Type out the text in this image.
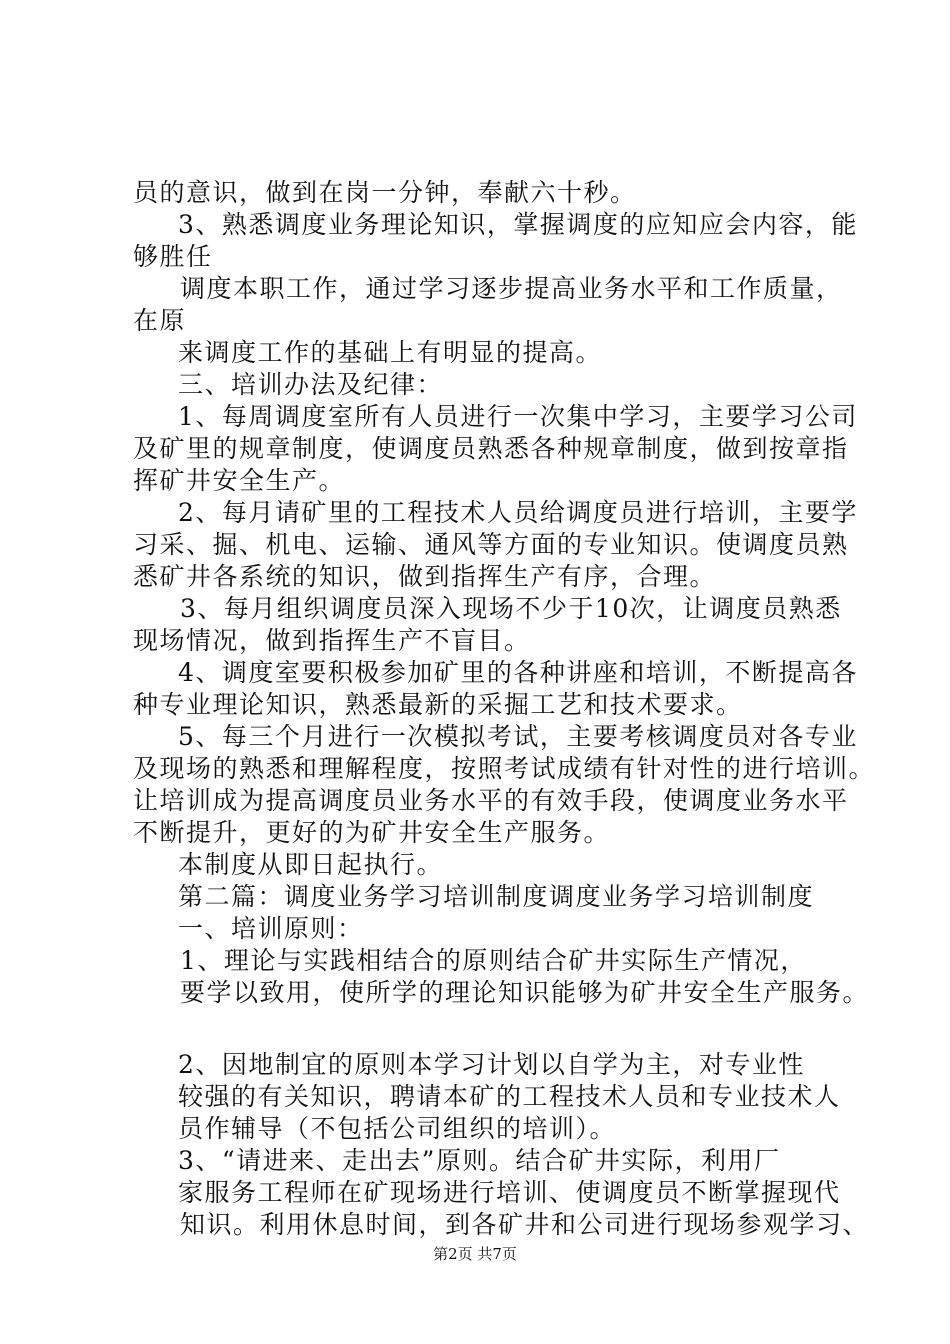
员的意识，做到在岗一分钟，奉献六十秒。
3、熟悉调度业务理论知识，掌握调度的应知应会内容，能
够胜任
调度本职工作，通过学习逐步提高业务水平和工作质量，
在原
来调度工作的基础上有明显的提高。
三、培训办法及纪律：
1、每周调度室所有人员进行一次集中学习，主要学习公司
及矿里的规章制度，使调度员熟悉各种规章制度，做到按章指
挥矿井安全生产。
2、每月请矿里的工程技术人员给调度员进行培训，主要学
习采、掘、机电、运输、通风等方面的专业知识。使调度员熟
悉矿井各系统的知识，做到指挥生产有序，合理。
3、每月组织调度员深入现场不少于10次，让调度员熟悉
现场情况，做到指挥生产不盲目。
4、调度室要积极参加矿里的各种讲座和培训，不断提高各
种专业理论知识，熟悉最新的采掘工艺和技术要求。
5、每三个月进行一次模拟考试，主要考核调度员对各专业
及现场的熟悉和理解程度，按照考试成绩有针对性的进行培训。
让培训成为提高调度员业务水平的有效手段，使调度业务水平
不断提升，更好的为矿井安全生产服务。
本制度从即日起执行。
第二篇：调度业务学习培训制度调度业务学习培训制度
一、培训原则：
1、理论与实践相结合的原则结合矿井实际生产情况，
要学以致用，使所学的理论知识能够为矿井安全生产服务。
2、因地制宜的原则本学习计划以自学为主，对专业性
较强的有关知识，聘请本矿的工程技术人员和专业技术人
员作辅导（不包括公司组织的培训）。
3、“请进来、走出去”原则。结合矿井实际，利用厂
家服务工程师在矿现场进行培训、使调度员不断掌握现代
知识。利用休息时间，到各矿井和公司进行现场参观学习、
第2页 共7页
